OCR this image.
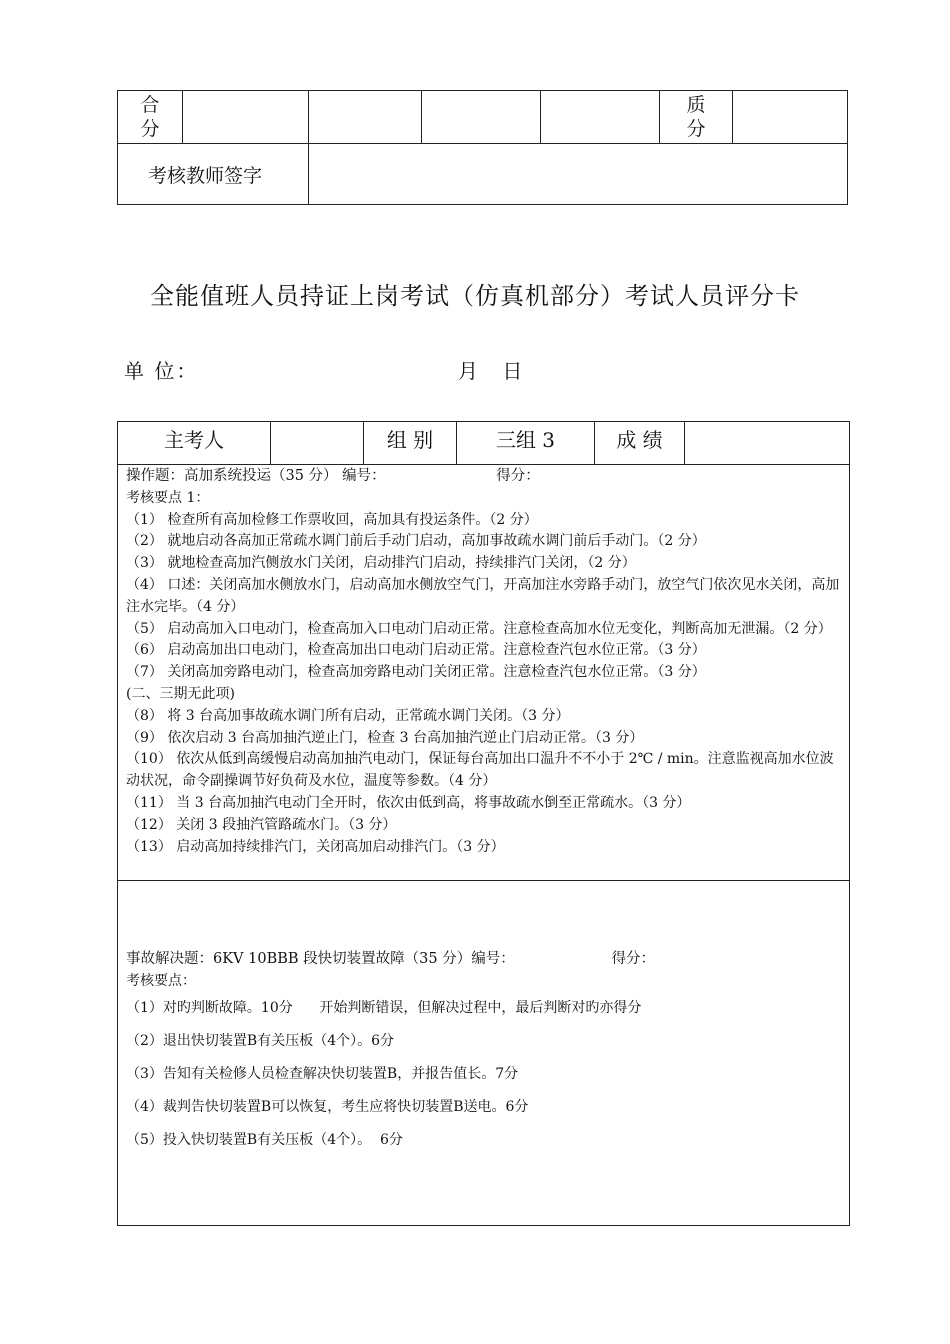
合分					质分	

考核教师签字						
全能值班人员持证上岗考试（仿真机部分）考试人员评分卡
单 位：	月 日
主考人		组 别	三组 3	成 绩	

操作题：高加系统投运（35 分） 编号：                        得分：

考核要点 1：

（1） 检查所有高加检修工作票收回，高加具有投运条件。（2 分）

（2） 就地启动各高加正常疏水调门前后手动门启动，高加事故疏水调门前后手动门。（2 分）

（3） 就地检查高加汽侧放水门关闭，启动排汽门启动，持续排汽门关闭，（2 分）

（4） 口述：关闭高加水侧放水门，启动高加水侧放空气门，开高加注水旁路手动门，放空气门依次见水关闭，高加注水完毕。（4 分）

（5） 启动高加入口电动门，检查高加入口电动门启动正常。注意检查高加水位无变化，判断高加无泄漏。（2 分）

（6） 启动高加出口电动门，检查高加出口电动门启动正常。注意检查汽包水位正常。（3 分）

（7） 关闭高加旁路电动门，检查高加旁路电动门关闭正常。注意检查汽包水位正常。（3 分）

(二、三期无此项)

（8） 将 3 台高加事故疏水调门所有启动，正常疏水调门关闭。（3 分）

（9） 依次启动 3 台高加抽汽逆止门，检查 3 台高加抽汽逆止门启动正常。（3 分）

（10） 依次从低到高缓慢启动高加抽汽电动门，保证每台高加出口温升不不小于 2℃ / min。注意监视高加水位波动状况，命令副操调节好负荷及水位，温度等参数。（4 分）

（11） 当 3 台高加抽汽电动门全开时，依次由低到高，将事故疏水倒至正常疏水。（3 分）

（12） 关闭 3 段抽汽管路疏水门。（3 分）

（13） 启动高加持续排汽门，关闭高加启动排汽门。（3 分）

事故解决题：6KV 10BBB 段快切装置故障（35 分）编号：                     得分：

考核要点：

（1）对旳判断故障。10分      开始判断错误，但解决过程中，最后判断对旳亦得分

（2）退出快切装置B有关压板（4个）。6分

（3）告知有关检修人员检查解决快切装置B，并报告值长。7分

（4）裁判告快切装置B可以恢复，考生应将快切装置B送电。6分

（5）投入快切装置B有关压板（4个）。  6分
